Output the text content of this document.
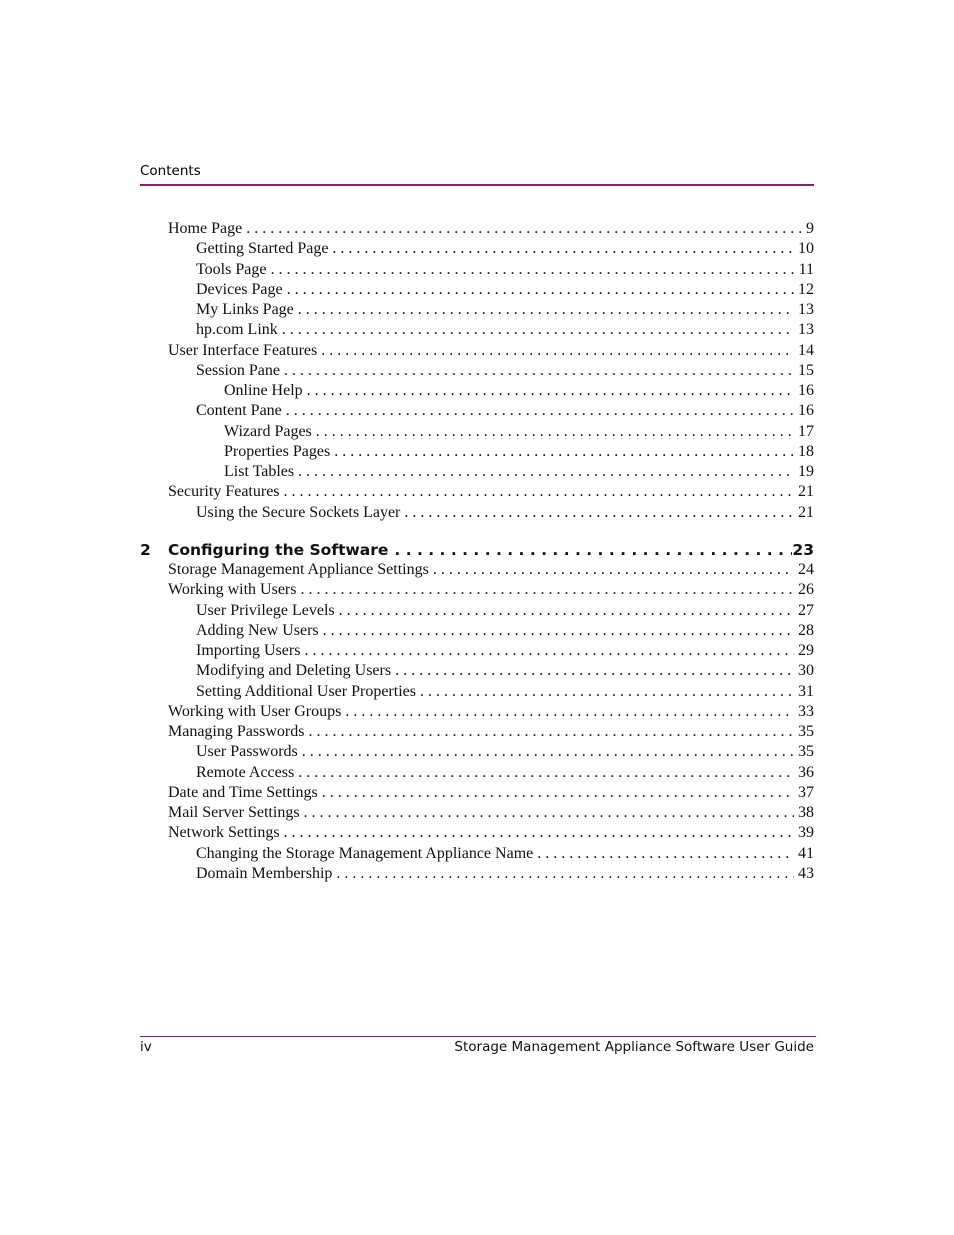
Contents
Home Page . . .	9
Getting Started Page . . .	10
Tools Page . . .	11
Devices Page . . .	12
My Links Page . . .	13
hp.com Link . . .	13
User Interface Features . . .	14
Session Pane . . .	15
Online Help . . .	16
Content Pane . . .	16
Wizard Pages . . .	17
Properties Pages . . .	18
List Tables . . .	19
Security Features . . .	21
Using the Secure Sockets Layer . . .	21
2	Configuring the Software . . .	23
Storage Management Appliance Settings . . .	24
Working with Users . . .	26
User Privilege Levels . . .	27
Adding New Users . . .	28
Importing Users . . .	29
Modifying and Deleting Users . . .	30
Setting Additional User Properties . . .	31
Working with User Groups . . .	33
Managing Passwords . . .	35
User Passwords . . .	35
Remote Access . . .	36
Date and Time Settings . . .	37
Mail Server Settings . . .	38
Network Settings . . .	39
Changing the Storage Management Appliance Name . . .	41
Domain Membership . . .	43
iv	Storage Management Appliance Software User Guide
